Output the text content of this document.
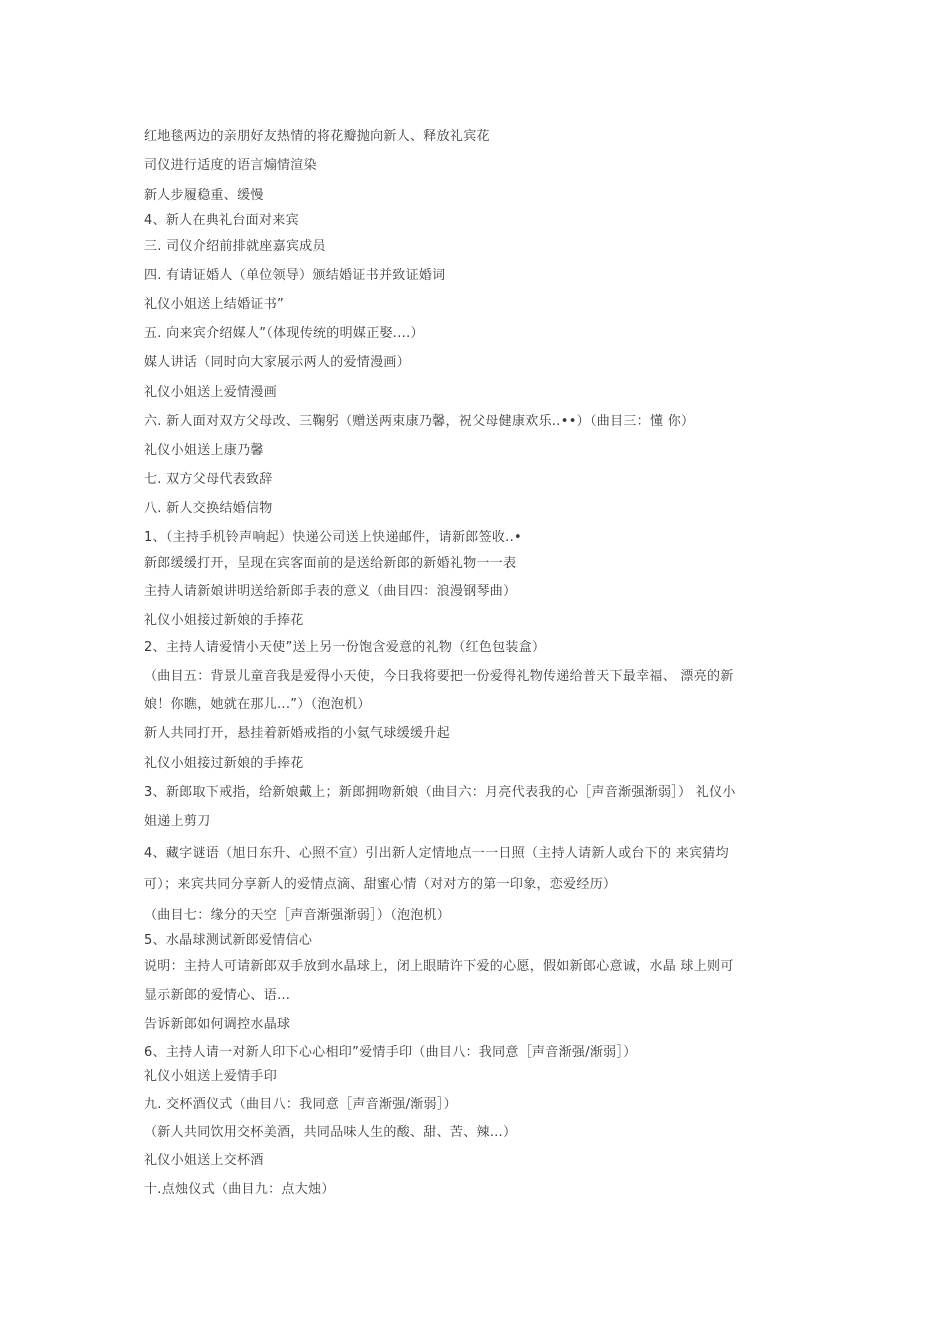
红地毯两边的亲朋好友热情的将花瓣抛向新人、释放礼宾花
司仪进行适度的语言煽情渲染
新人步履稳重、缓慢
4、新人在典礼台面对来宾
三. 司仪介绍前排就座嘉宾成员
四. 有请证婚人（单位领导）颁结婚证书并致证婚词
礼仪小姐送上结婚证书”
五. 向来宾介绍媒人”（体现传统的明媒正娶....）
媒人讲话（同时向大家展示两人的爱情漫画）
礼仪小姐送上爱情漫画
六. 新人面对双方父母改、三鞠躬（赠送两束康乃馨，祝父母健康欢乐..••）（曲目三：懂 你）
礼仪小姐送上康乃馨
七. 双方父母代表致辞
八. 新人交换结婚信物
1、（主持手机铃声响起）快递公司送上快递邮件，请新郎签收..•
新郎缓缓打开，呈现在宾客面前的是送给新郎的新婚礼物一一表
主持人请新娘讲明送给新郎手表的意义（曲目四：浪漫钢琴曲）
礼仪小姐接过新娘的手捧花
2、主持人请爱情小天使”送上另一份饱含爱意的礼物（红色包装盒）
（曲目五：背景儿童音我是爱得小天使，今日我将要把一份爱得礼物传递给普天下最幸福、 漂亮的新
娘！你瞧，她就在那儿...”）（泡泡机）
新人共同打开，悬挂着新婚戒指的小氦气球缓缓升起
礼仪小姐接过新娘的手捧花
3、新郎取下戒指，给新娘戴上；新郎拥吻新娘（曲目六：月亮代表我的心［声音渐强渐弱］） 礼仪小
姐递上剪刀
4、藏字谜语（旭日东升、心照不宣）引出新人定情地点一一日照（主持人请新人或台下的 来宾猜均
可）；来宾共同分享新人的爱情点滴、甜蜜心情（对对方的第一印象，恋爱经历）
（曲目七：缘分的天空［声音渐强渐弱］）（泡泡机）
5、水晶球测试新郎爱情信心
说明：主持人可请新郎双手放到水晶球上，闭上眼睛许下爱的心愿，假如新郎心意诚，水晶 球上则可
显示新郎的爱情心、语…
告诉新郎如何调控水晶球
6、主持人请一对新人印下心心相印”爱情手印（曲目八：我同意［声音渐强/渐弱］）
礼仪小姐送上爱情手印
九. 交杯酒仪式（曲目八：我同意［声音渐强/渐弱］）
（新人共同饮用交杯美酒，共同品味人生的酸、甜、苦、辣…）
礼仪小姐送上交杯酒
十.点烛仪式（曲目九：点大烛）
